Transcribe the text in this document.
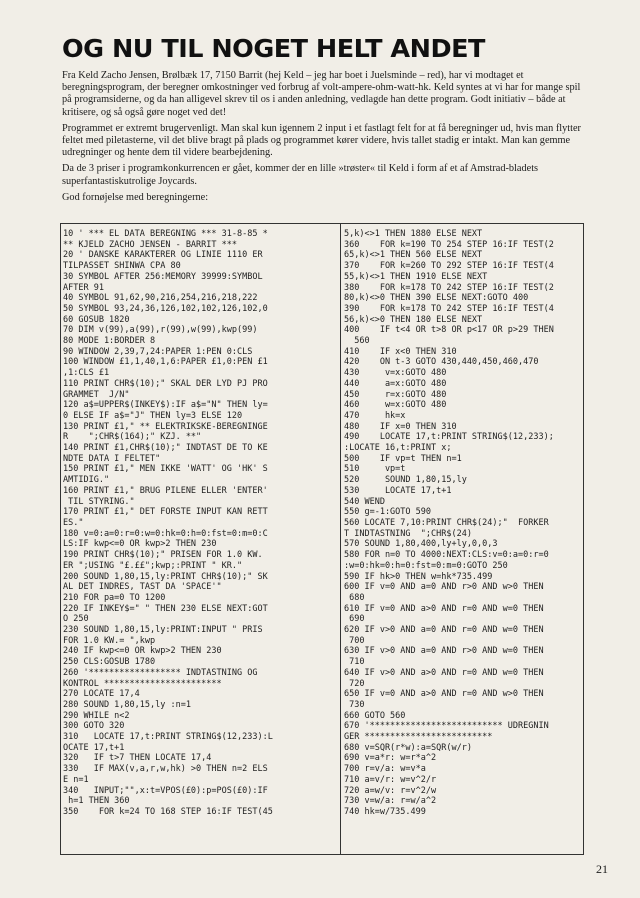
OG NU TIL NOGET HELT ANDET

Fra Keld Zacho Jensen, Brølbæk 17, 7150 Barrit (hej Keld – jeg har boet i Juelsminde – red), har vi modtaget et beregningsprogram, der beregner omkostninger ved forbrug af volt-ampere-ohm-watt-hk. Keld syntes at vi har for mange spil på programsiderne, og da han alligevel skrev til os i anden anledning, vedlagde han dette program. Godt initiativ – både at kritisere, og så også gøre noget ved det!

Programmet er extremt brugervenligt. Man skal kun igennem 2 input i et fastlagt felt for at få beregninger ud, hvis man flytter feltet med piletasterne, vil det blive bragt på plads og programmet kører videre, hvis tallet stadig er intakt. Man kan gemme udregninger og hente dem til videre bearbejdening.

Da de 3 priser i programkonkurrencen er gået, kommer der en lille »trøster« til Keld i form af et af Amstrad-bladets superfantastiskutrolige Joycards.

God fornøjelse med beregningerne:

10 ' *** EL DATA BEREGNING *** 31-8-85 *
** KJELD ZACHO JENSEN - BARRIT ***
20 ' DANSKE KARAKTERER OG LINIE 1110 ER
TILPASSET SHINWA CPA 80
30 SYMBOL AFTER 256:MEMORY 39999:SYMBOL
AFTER 91
40 SYMBOL 91,62,90,216,254,216,218,222
50 SYMBOL 93,24,36,126,102,102,126,102,0
60 GOSUB 1820
70 DIM v(99),a(99),r(99),w(99),kwp(99)
80 MODE 1:BORDER 8
90 WINDOW 2,39,7,24:PAPER 1:PEN 0:CLS
100 WINDOW £1,1,40,1,6:PAPER £1,0:PEN £1
,1:CLS £1
110 PRINT CHR$(10);" SKAL DER LYD PJ PRO
GRAMMET  J/N"
120 a$=UPPER$(INKEY$):IF a$="N" THEN ly=
0 ELSE IF a$="J" THEN ly=3 ELSE 120
130 PRINT £1," ** ELEKTRIKSKE-BEREGNINGE
R    ";CHR$(164);" KZJ. **"
140 PRINT £1,CHR$(10);" INDTAST DE TO KE
NDTE DATA I FELTET"
150 PRINT £1," MEN IKKE 'WATT' OG 'HK' S
AMTIDIG."
160 PRINT £1," BRUG PILENE ELLER 'ENTER'
TIL STYRING."
170 PRINT £1," DET FORSTE INPUT KAN RETT
ES."
180 v=0:a=0:r=0:w=0:hk=0:h=0:fst=0:m=0:C
LS:IF kwp<=0 OR kwp>2 THEN 230
190 PRINT CHR$(10);" PRISEN FOR 1.0 KW.
ER ";USING "£.££";kwp;:PRINT " KR."
200 SOUND 1,80,15,ly:PRINT CHR$(10);" SK
AL DET INDRES, TAST DA 'SPACE'"
210 FOR pa=0 TO 1200
220 IF INKEY$=" " THEN 230 ELSE NEXT:GOT
O 250
230 SOUND 1,80,15,ly:PRINT:INPUT " PRIS
FOR 1.0 KW.= ",kwp
240 IF kwp<=0 OR kwp>2 THEN 230
250 CLS:GOSUB 1780
260 '****************** INDTASTNING OG
KONTROL ***********************
270 LOCATE 17,4
280 SOUND 1,80,15,ly :n=1
290 WHILE n<2
300 GOTO 320
310   LOCATE 17,t:PRINT STRING$(12,233):L
OCATE 17,t+1
320   IF t>7 THEN LOCATE 17,4
330   IF MAX(v,a,r,w,hk) >0 THEN n=2 ELS
E n=1
340   INPUT;"",x:t=VPOS(£0):p=POS(£0):IF
h=1 THEN 360
350    FOR k=24 TO 168 STEP 16:IF TEST(45
5,k)<>1 THEN 1880 ELSE NEXT
360    FOR k=190 TO 254 STEP 16:IF TEST(2
65,k)<>1 THEN 560 ELSE NEXT
370    FOR k=260 TO 292 STEP 16:IF TEST(4
55,k)<>1 THEN 1910 ELSE NEXT
380    FOR k=178 TO 242 STEP 16:IF TEST(2
80,k)<>0 THEN 390 ELSE NEXT:GOTO 400
390    FOR k=178 TO 242 STEP 16:IF TEST(4
56,k)<>0 THEN 180 ELSE NEXT
400    IF t<4 OR t>8 OR p<17 OR p>29 THEN
560
410    IF x<0 THEN 310
420    ON t-3 GOTO 430,440,450,460,470
430     v=x:GOTO 480
440     a=x:GOTO 480
450     r=x:GOTO 480
460     w=x:GOTO 480
470     hk=x
480    IF x=0 THEN 310
490    LOCATE 17,t:PRINT STRING$(12,233);
:LOCATE 16,t:PRINT x;
500    IF vp=t THEN n=1
510     vp=t
520     SOUND 1,80,15,ly
530     LOCATE 17,t+1
540 WEND
550 g=-1:GOTO 590
560 LOCATE 7,10:PRINT CHR$(24);"  FORKER
T INDTASTNING  ";CHR$(24)
570 SOUND 1,80,400,ly+ly,0,0,3
580 FOR n=0 TO 4000:NEXT:CLS:v=0:a=0:r=0
:w=0:hk=0:h=0:fst=0:m=0:GOTO 250
590 IF hk>0 THEN w=hk*735.499
600 IF v=0 AND a=0 AND r>0 AND w>0 THEN
680
610 IF v=0 AND a>0 AND r=0 AND w=0 THEN
690
620 IF v>0 AND a=0 AND r=0 AND w=0 THEN
700
630 IF v>0 AND a=0 AND r>0 AND w=0 THEN
710
640 IF v>0 AND a>0 AND r=0 AND w=0 THEN
720
650 IF v=0 AND a>0 AND r=0 AND w>0 THEN
730
660 GOTO 560
670 '************************** UDREGNIN
GER *************************
680 v=SQR(r*w):a=SQR(w/r)
690 v=a*r: w=r*a^2
700 r=v/a: w=v*a
710 a=v/r: w=v^2/r
720 a=w/v: r=v^2/w
730 v=w/a: r=w/a^2
740 hk=w/735.499
21
